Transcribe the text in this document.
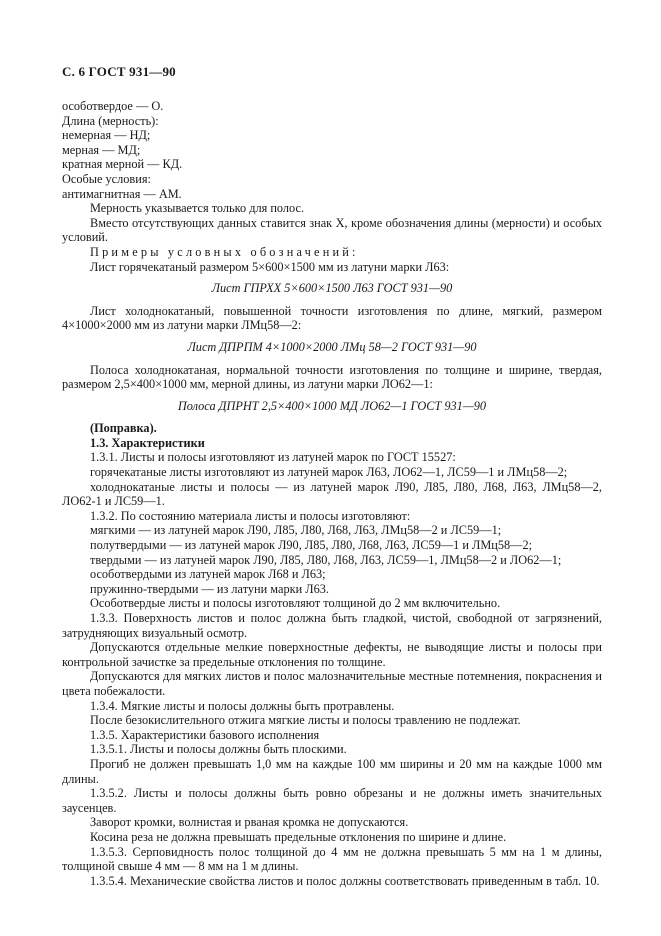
С. 6 ГОСТ 931—90

особотвердое — О.

Длина (мерность):

немерная — НД;

мерная — МД;

кратная мерной — КД.

Особые условия:

антимагнитная — AM.

Мерность указывается только для полос.

Вместо отсутствующих данных ставится знак X, кроме обозначения длины (мерности) и особых условий.

Примеры условных обозначений:

Лист горячекатаный размером 5×600×1500 мм из латуни марки Л63:

Лист ГПРХХ 5×600×1500 Л63 ГОСТ 931—90

Лист холоднокатаный, повышенной точности изготовления по длине, мягкий, размером 4×1000×2000 мм из латуни марки ЛМц58—2:

Лист ДПРПМ 4×1000×2000 ЛМц 58—2 ГОСТ 931—90

Полоса холоднокатаная, нормальной точности изготовления по толщине и ширине, твердая, размером 2,5×400×1000 мм, мерной длины, из латуни марки ЛО62—1:

Полоса ДПРНТ 2,5×400×1000 МД ЛО62—1 ГОСТ 931—90

(Поправка).

1.3. Характеристики

1.3.1. Листы и полосы изготовляют из латуней марок по ГОСТ 15527:

горячекатаные листы изготовляют из латуней марок Л63, ЛО62—1, ЛС59—1 и ЛМц58—2;

холоднокатаные листы и полосы — из латуней марок Л90, Л85, Л80, Л68, Л63, ЛМц58—2, ЛО62-1 и ЛС59—1.

1.3.2. По состоянию материала листы и полосы изготовляют:

мягкими — из латуней марок Л90, Л85, Л80, Л68, Л63, ЛМц58—2 и ЛС59—1;

полутвердыми — из латуней марок Л90, Л85, Л80, Л68, Л63, ЛС59—1 и ЛМц58—2;

твердыми — из латуней марок Л90, Л85, Л80, Л68, Л63, ЛС59—1, ЛМц58—2 и ЛО62—1;

особотвердыми из латуней марок Л68 и Л63;

пружинно-твердыми — из латуни марки Л63.

Особотвердые листы и полосы изготовляют толщиной до 2 мм включительно.

1.3.3. Поверхность листов и полос должна быть гладкой, чистой, свободной от загрязнений, затрудняющих визуальный осмотр.

Допускаются отдельные мелкие поверхностные дефекты, не выводящие листы и полосы при контрольной зачистке за предельные отклонения по толщине.

Допускаются для мягких листов и полос малозначительные местные потемнения, покраснения и цвета побежалости.

1.3.4. Мягкие листы и полосы должны быть протравлены.

После безокислительного отжига мягкие листы и полосы травлению не подлежат.

1.3.5. Характеристики базового исполнения

1.3.5.1. Листы и полосы должны быть плоскими.

Прогиб не должен превышать 1,0 мм на каждые 100 мм ширины и 20 мм на каждые 1000 мм длины.

1.3.5.2. Листы и полосы должны быть ровно обрезаны и не должны иметь значительных заусенцев.

Заворот кромки, волнистая и рваная кромка не допускаются.

Косина реза не должна превышать предельные отклонения по ширине и длине.

1.3.5.3. Серповидность полос толщиной до 4 мм не должна превышать 5 мм на 1 м длины, толщиной свыше 4 мм — 8 мм на 1 м длины.

1.3.5.4. Механические свойства листов и полос должны соответствовать приведенным в табл. 10.
